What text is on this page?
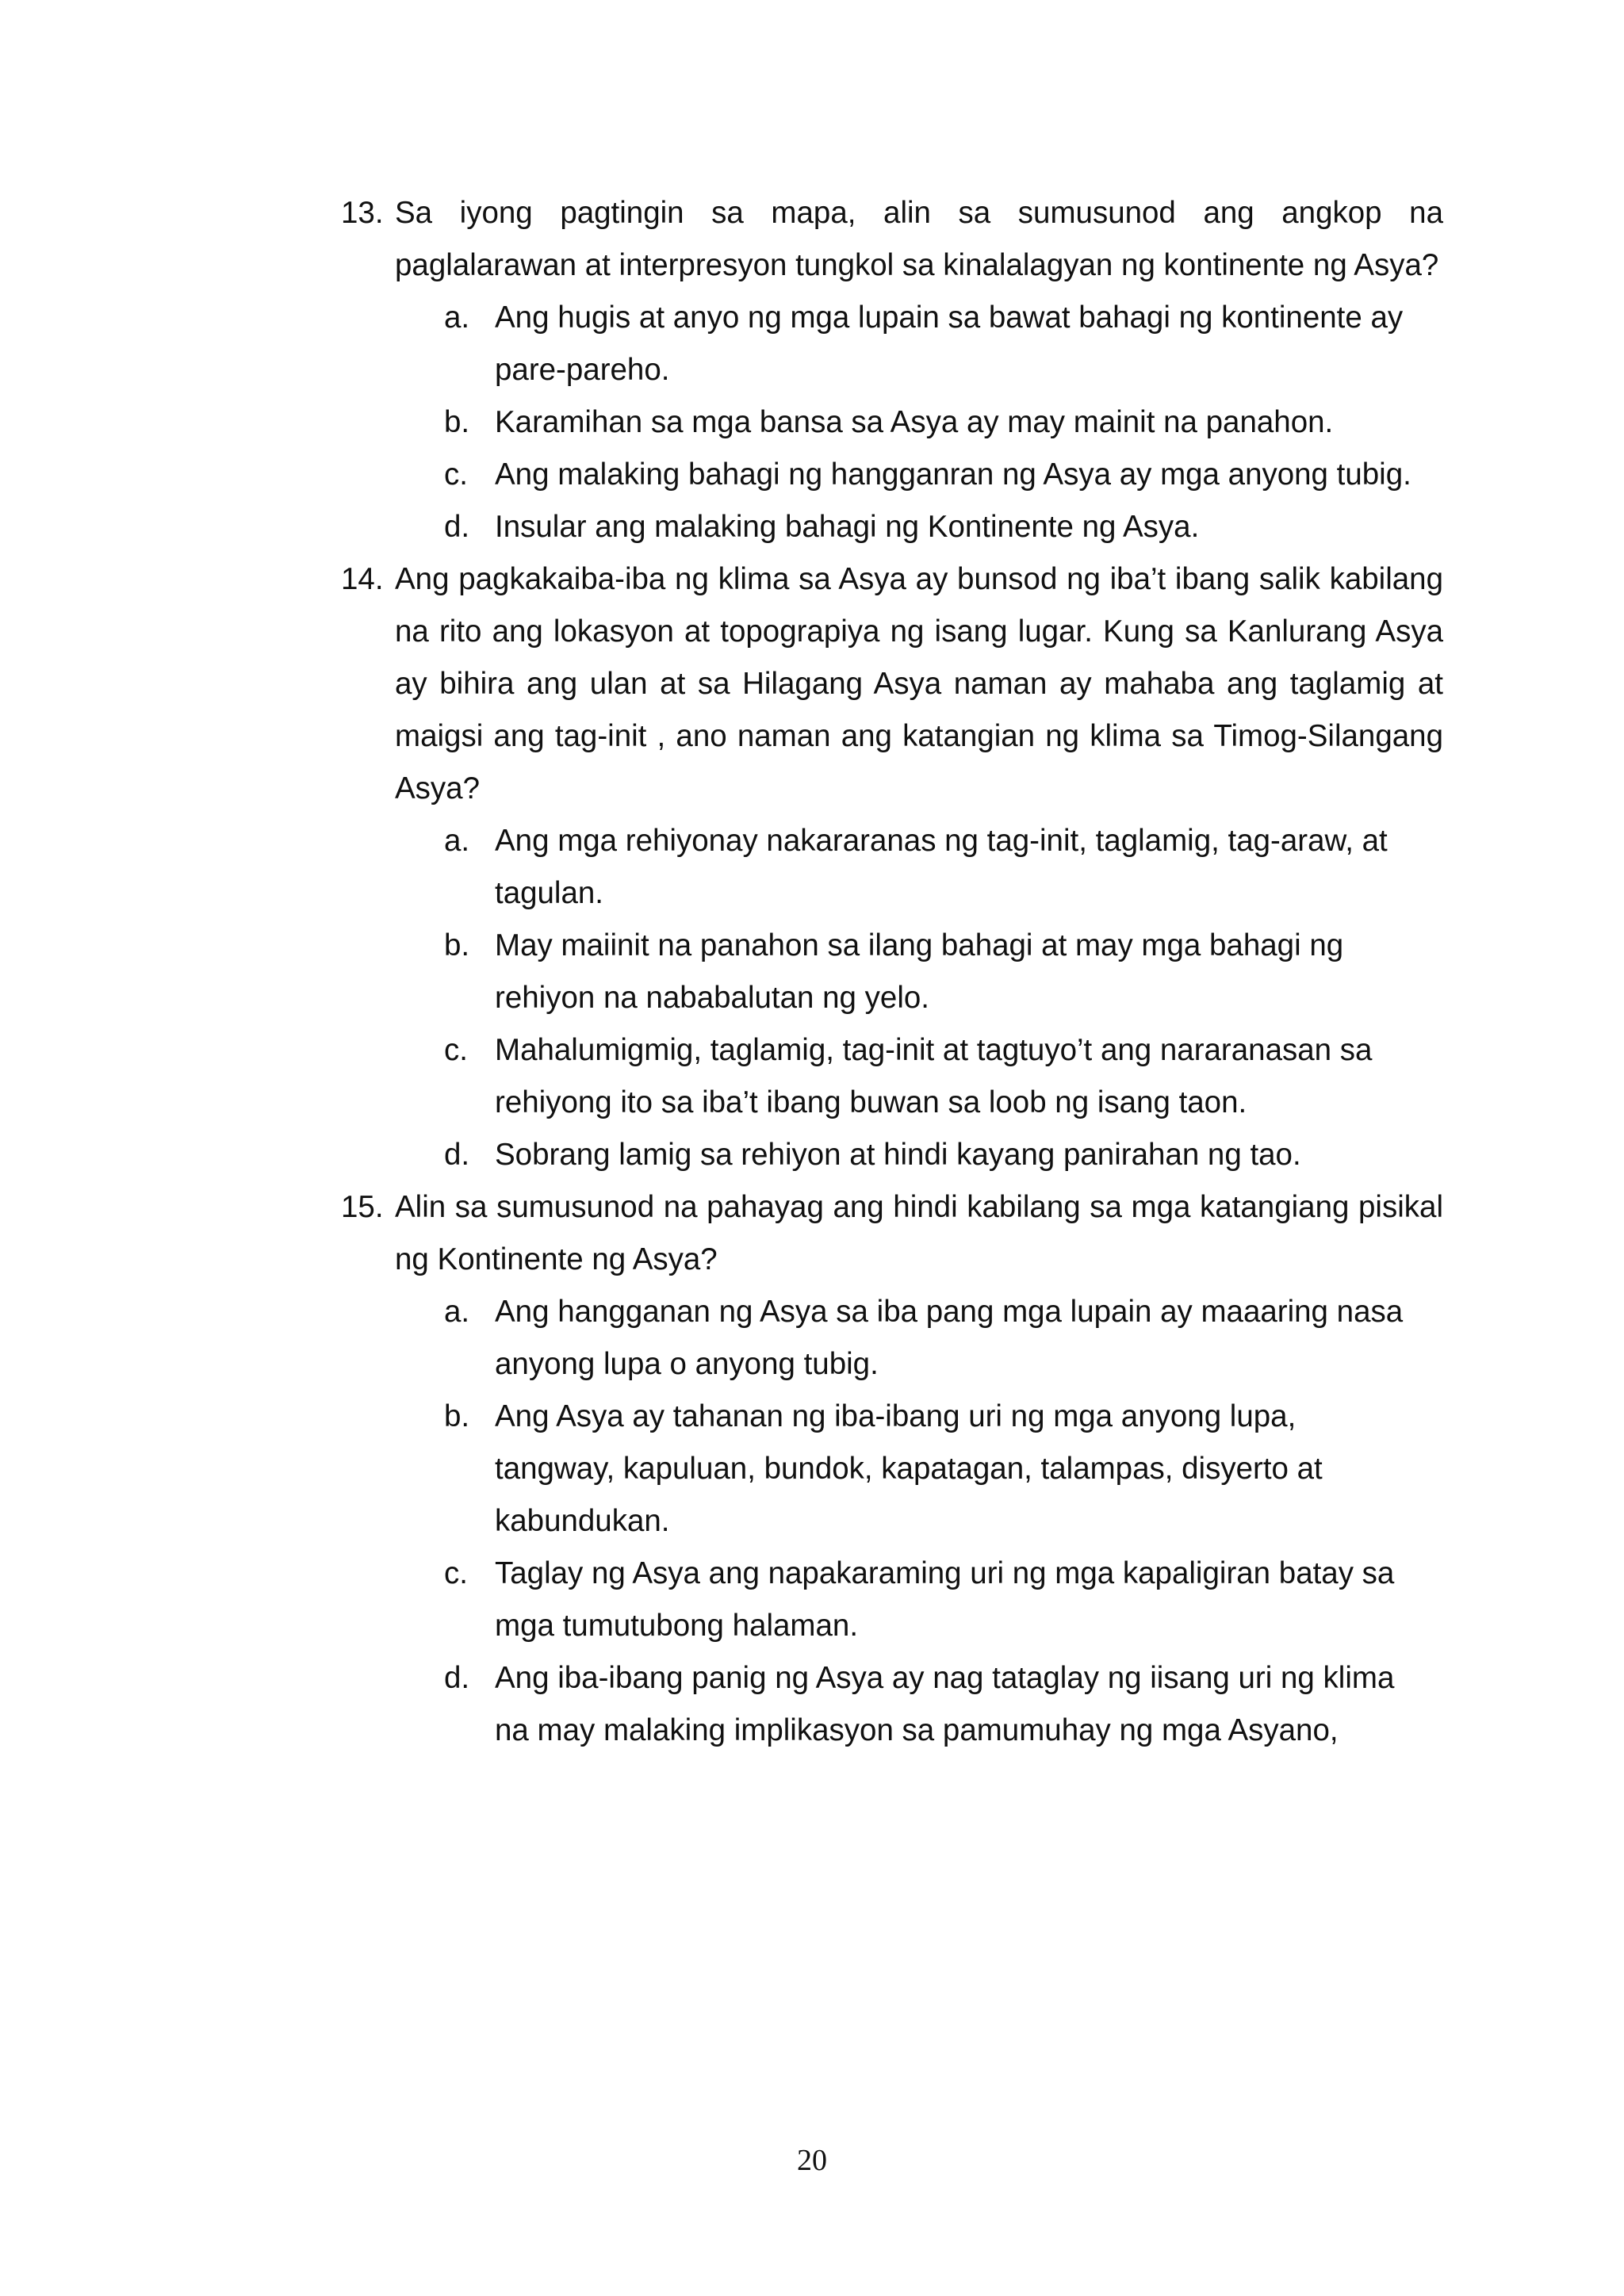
13. Sa iyong pagtingin sa mapa, alin sa sumusunod ang angkop na paglalarawan at interpresyon tungkol sa kinalalagyan ng kontinente ng Asya?
a. Ang hugis at anyo ng mga lupain sa bawat bahagi ng kontinente ay pare-pareho.
b. Karamihan sa mga bansa sa Asya ay may mainit na panahon.
c. Ang malaking bahagi ng hangganran ng Asya ay mga anyong tubig.
d. Insular ang malaking bahagi ng Kontinente ng Asya.
14. Ang pagkakaiba-iba ng klima sa Asya ay bunsod ng iba’t ibang salik kabilang na rito ang lokasyon at topograpiya ng isang lugar. Kung sa Kanlurang Asya ay bihira ang ulan at sa Hilagang Asya naman ay mahaba ang taglamig at maigsi ang tag-init , ano naman ang katangian ng klima sa Timog-Silangang Asya?
a. Ang mga rehiyonay nakararanas ng tag-init, taglamig, tag-araw, at tagulan.
b. May maiinit na panahon sa ilang bahagi at may mga bahagi ng rehiyon na nababalutan ng yelo.
c. Mahalumigmig, taglamig, tag-init at tagtuyo’t ang nararanasan sa rehiyong ito sa iba’t ibang buwan sa loob ng isang taon.
d. Sobrang lamig sa rehiyon at hindi kayang panirahan ng tao.
15. Alin sa sumusunod na pahayag ang hindi kabilang sa mga katangiang pisikal ng Kontinente ng Asya?
a. Ang hangganan ng Asya sa iba pang mga lupain ay maaaring nasa anyong lupa o anyong tubig.
b. Ang Asya ay tahanan ng iba-ibang uri ng mga anyong lupa, tangway, kapuluan, bundok, kapatagan, talampas, disyerto at kabundukan.
c. Taglay ng Asya ang napakaraming uri ng mga kapaligiran batay sa mga tumutubong halaman.
d. Ang iba-ibang panig ng Asya ay nag tataglay ng iisang uri ng klima na may malaking implikasyon sa pamumuhay ng mga Asyano,
20
